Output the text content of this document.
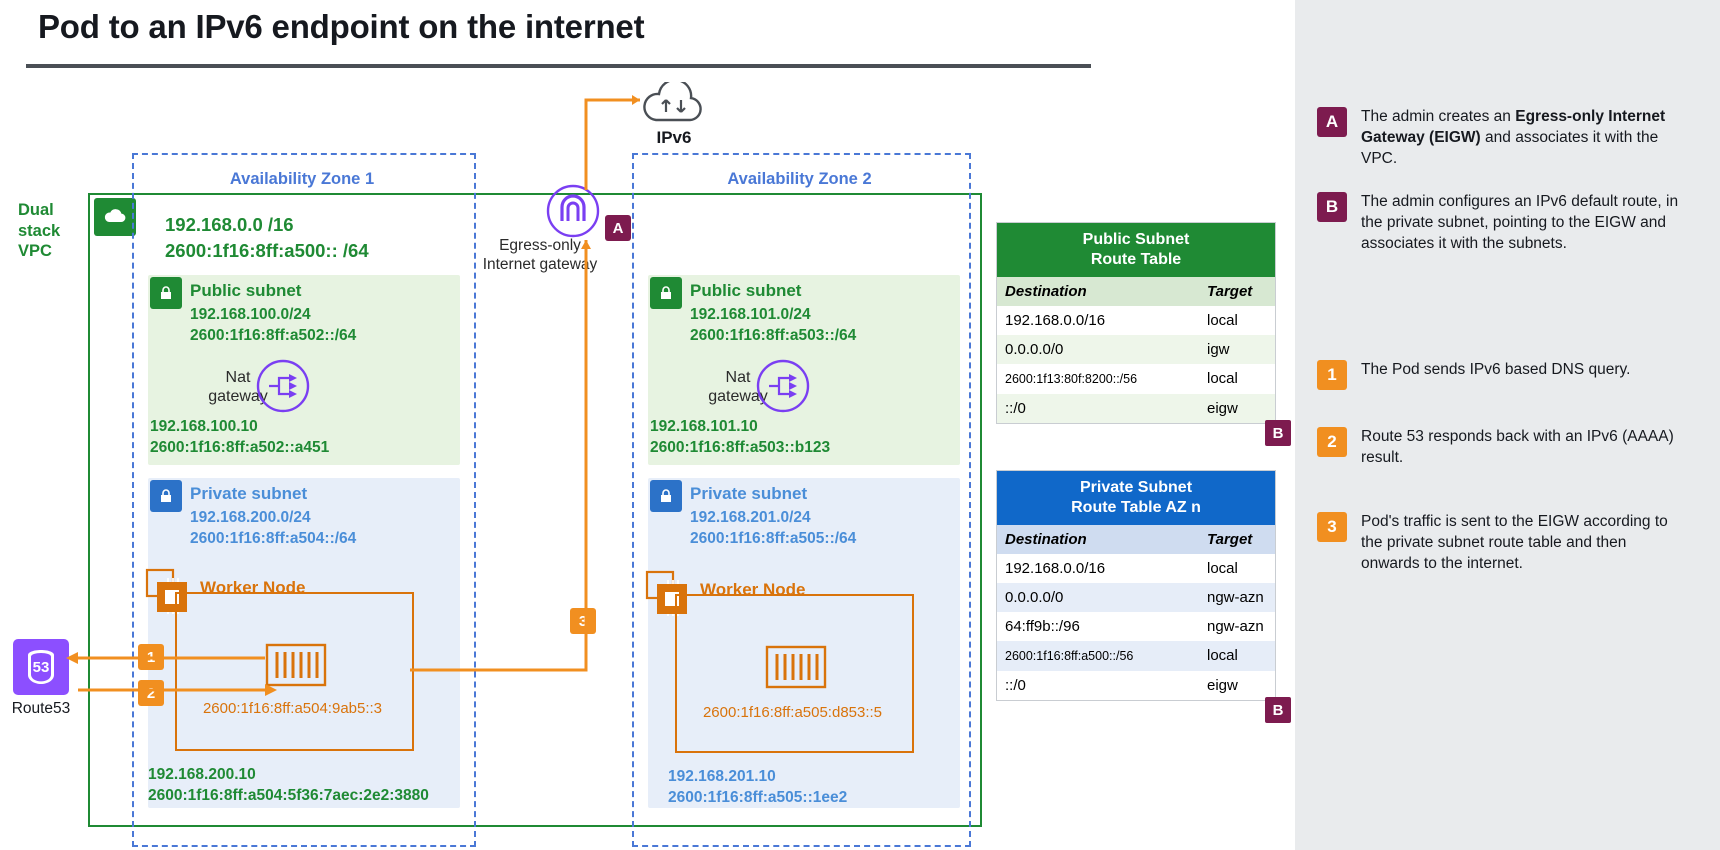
Pod to an IPv6 endpoint on the internet
Dual stack VPC
192.168.0.0 /16
2600:1f16:8ff:a500:: /64
Availability Zone 1
Public subnet
192.168.100.0/24
2600:1f16:8ff:a502::/64
Nat gateway
192.168.100.10
2600:1f16:8ff:a502::a451
Private subnet
192.168.200.0/24
2600:1f16:8ff:a504::/64
Worker Node
2600:1f16:8ff:a504:9ab5::3
192.168.200.10
2600:1f16:8ff:a504:5f36:7aec:2e2:3880
Availability Zone 2
Public subnet
192.168.101.0/24
2600:1f16:8ff:a503::/64
Nat gateway
192.168.101.10
2600:1f16:8ff:a503::b123
Private subnet
192.168.201.0/24
2600:1f16:8ff:a505::/64
Worker Node
2600:1f16:8ff:a505:d853::5
192.168.201.10
2600:1f16:8ff:a505::1ee2
IPv6
A
Egress-only Internet gateway
53
Route53
1
2
3
Public Subnet
Route Table
Destination	Target
192.168.0.0/16	local
0.0.0.0/0	igw
2600:1f13:80f:8200::/56	local
::/0	eigw
B
Private Subnet
Route Table AZ n
Destination	Target
192.168.0.0/16	local
0.0.0.0/0	ngw-azn
64:ff9b::/96	ngw-azn
2600:1f16:8ff:a500::/56	local
::/0	eigw
B
A	The admin creates an Egress-only Internet Gateway (EIGW) and associates it with the VPC.
B	The admin configures an IPv6 default route, in the private subnet, pointing to the EIGW and associates it with the subnets.
1	The Pod sends IPv6 based DNS query.
2	Route 53 responds back with an IPv6 (AAAA) result.
3	Pod's traffic is sent to the EIGW according to the private subnet route table and then onwards to the internet.
